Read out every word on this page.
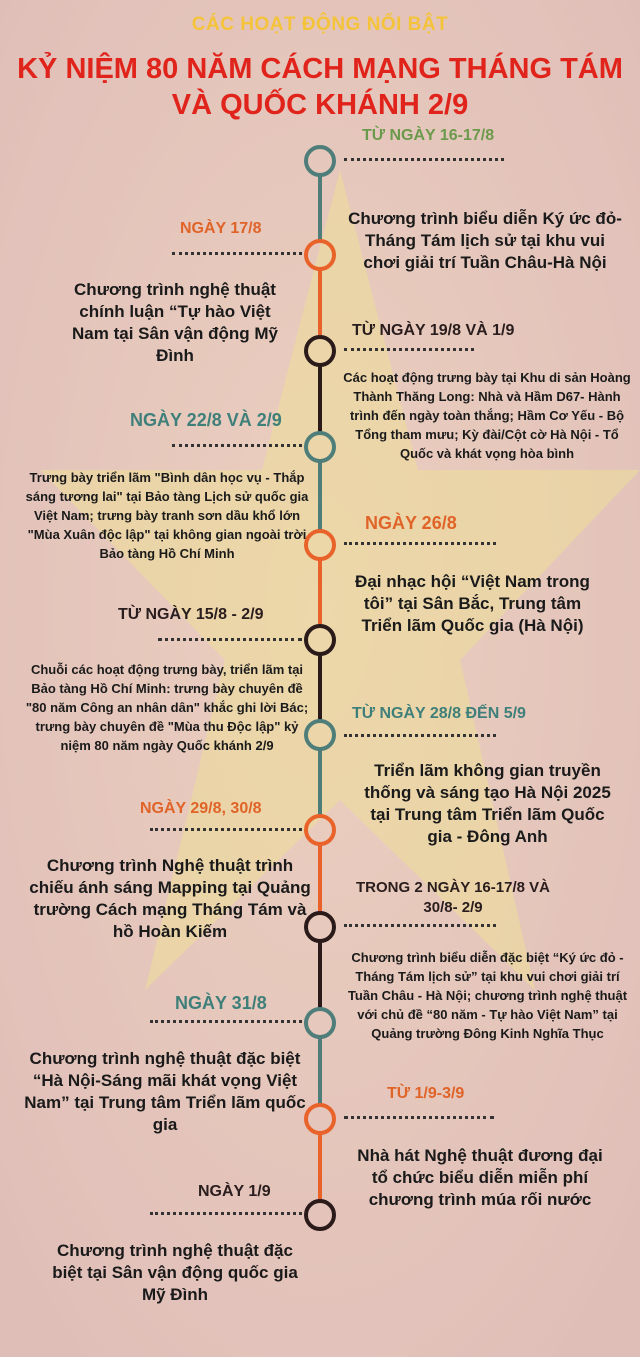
CÁC HOẠT ĐỘNG NỔI BẬT
KỶ NIỆM 80 NĂM CÁCH MẠNG THÁNG TÁM
VÀ QUỐC KHÁNH 2/9
TỪ NGÀY 16-17/8
Chương trình biểu diễn Ký ức đỏ-Tháng Tám lịch sử tại khu vui chơi giải trí Tuần Châu-Hà Nội
NGÀY 17/8
Chương trình nghệ thuật chính luận “Tự hào Việt Nam tại Sân vận động Mỹ Đình
TỪ NGÀY 19/8 VÀ 1/9
Các hoạt động trưng bày tại Khu di sản Hoàng Thành Thăng Long: Nhà và Hầm D67- Hành trình đến ngày toàn thắng; Hầm Cơ Yếu - Bộ Tổng tham mưu; Kỳ đài/Cột cờ Hà Nội - Tổ Quốc và khát vọng hòa bình
NGÀY 22/8 VÀ 2/9
Trưng bày triển lãm "Bình dân học vụ - Thắp sáng tương lai" tại Bảo tàng Lịch sử quốc gia Việt Nam; trưng bày tranh sơn dầu khổ lớn "Mùa Xuân độc lập" tại không gian ngoài trời Bảo tàng Hồ Chí Minh
NGÀY 26/8
Đại nhạc hội “Việt Nam trong tôi” tại Sân Bắc, Trung tâm Triển lãm Quốc gia (Hà Nội)
TỪ NGÀY 15/8 - 2/9
Chuỗi các hoạt động trưng bày, triển lãm tại Bảo tàng Hồ Chí Minh: trưng bày chuyên đề "80 năm Công an nhân dân" khắc ghi lời Bác; trưng bày chuyên đề "Mùa thu Độc lập" kỷ niệm 80 năm ngày Quốc khánh 2/9
TỪ NGÀY 28/8 ĐẾN 5/9
Triển lãm không gian truyền thống và sáng tạo Hà Nội 2025 tại Trung tâm Triển lãm Quốc gia - Đông Anh
NGÀY 29/8, 30/8
Chương trình Nghệ thuật trình chiếu ánh sáng Mapping tại Quảng trường Cách mạng Tháng Tám và hồ Hoàn Kiếm
TRONG 2 NGÀY 16-17/8 VÀ 30/8- 2/9
Chương trình biểu diễn đặc biệt “Ký ức đỏ - Tháng Tám lịch sử” tại khu vui chơi giải trí Tuần Châu - Hà Nội; chương trình nghệ thuật với chủ đề “80 năm - Tự hào Việt Nam” tại Quảng trường Đông Kinh Nghĩa Thục
NGÀY 31/8
Chương trình nghệ thuật đặc biệt “Hà Nội-Sáng mãi khát vọng Việt Nam” tại Trung tâm Triển lãm quốc gia
TỪ 1/9-3/9
Nhà hát Nghệ thuật đương đại tổ chức biểu diễn miễn phí chương trình múa rối nước
NGÀY 1/9
Chương trình nghệ thuật đặc biệt tại Sân vận động quốc gia Mỹ Đình
